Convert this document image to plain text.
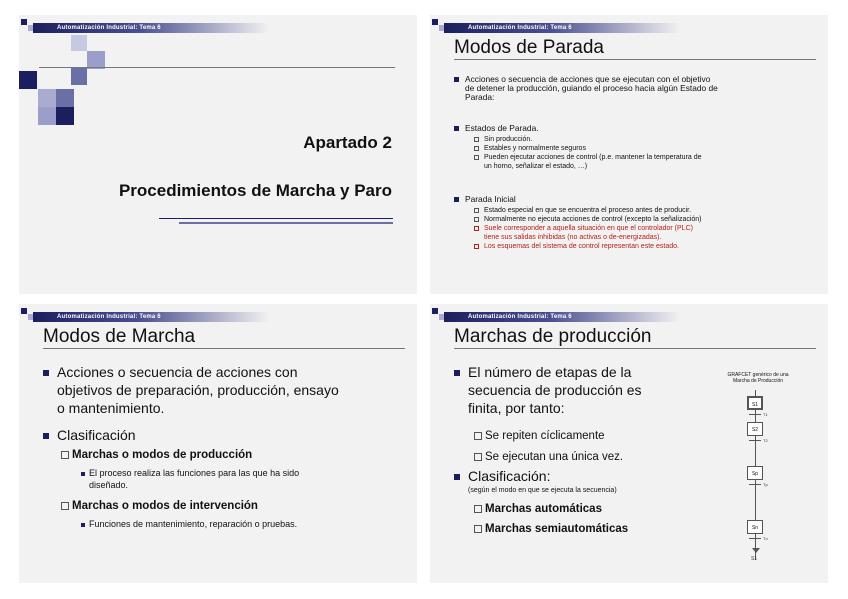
Automatización Industrial: Tema 6
Apartado 2
Procedimientos de Marcha y Paro
Automatización Industrial: Tema 6
Modos de Parada
Acciones o secuencia de acciones que se ejecutan con el objetivo
de detener la producción, guiando el proceso hacia algún Estado de
Parada:
Estados de Parada.
Sin producción.
Estables y normalmente seguros
Pueden ejecutar acciones de control (p.e. mantener la temperatura de
un horno, señalizar el estado, …)
Parada Inicial
Estado especial en que se encuentra el proceso antes de producir.
Normalmente no ejecuta acciones de control (excepto la señalización)
Suele corresponder a aquella situación en que el controlador (PLC)
tiene sus salidas inhibidas (no activas o de-energizadas).
Los esquemas del sistema de control representan este estado.
Automatización Industrial: Tema 6
Modos de Marcha
Acciones o secuencia de acciones con
objetivos de preparación, producción, ensayo
o mantenimiento.
Clasificación
Marchas o modos de producción
El proceso realiza las funciones para las que ha sido
diseñado.
Marchas o modos de intervención
Funciones de mantenimiento, reparación o pruebas.
Automatización Industrial: Tema 6
Marchas de producción
El número de etapas de la
secuencia de producción es
finita, por tanto:
Se repiten cíclicamente
Se ejecutan una única vez.
Clasificación:
(según el modo en que se ejecuta la secuencia)
Marchas automáticas
Marchas semiautomáticas
GRAFCET genérico de una
Marcha de Producción
S1
T1
S2
T2
Sp
Tp
Sn
Tn
S1
